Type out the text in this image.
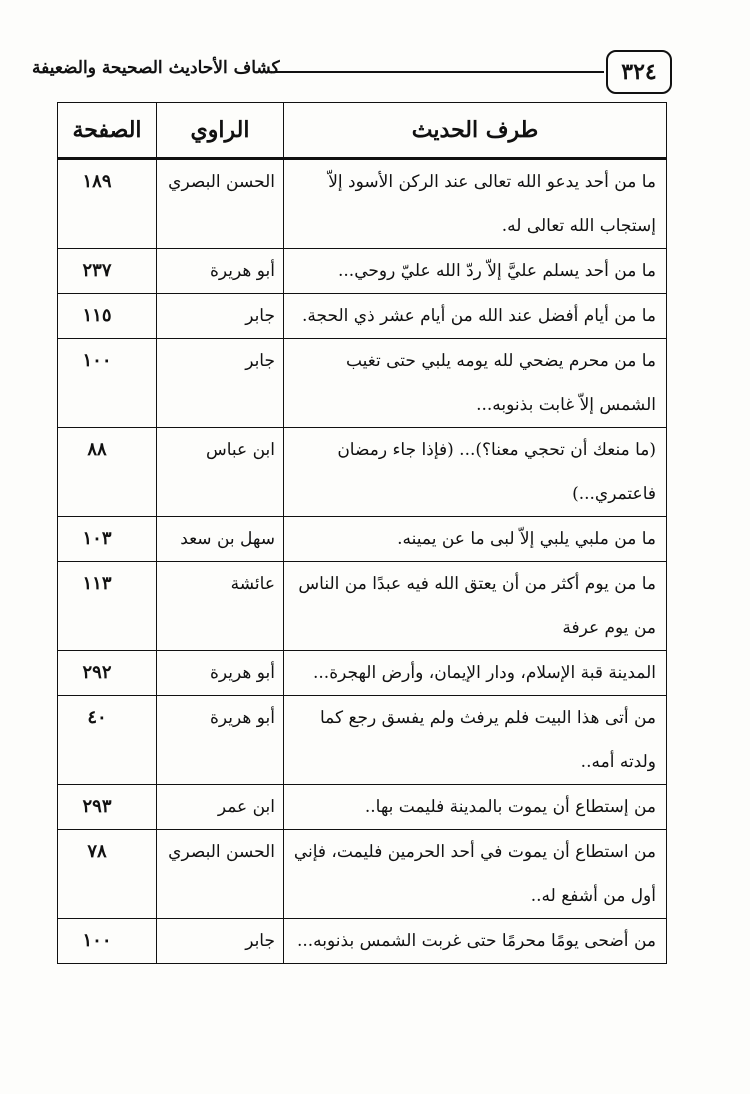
٣٢٤
كشاف الأحاديث الصحيحة والضعيفة
طرف الحديث	الراوي	الصفحة
ما من أحد يدعو الله تعالى عند الركن الأسود إلاّ إستجاب الله تعالى له.	الحسن البصري	١٨٩
ما من أحد يسلم عليَّ إلاّ ردّ الله عليّ روحي...	أبو هريرة	٢٣٧
ما من أيام أفضل عند الله من أيام عشر ذي الحجة.	جابر	١١٥
ما من محرم يضحي لله يومه يلبي حتى تغيب الشمس إلاّ غابت بذنوبه...	جابر	١٠٠
(ما منعك أن تحجي معنا؟)... (فإذا جاء رمضان فاعتمري...)	ابن عباس	٨٨
ما من ملبي يلبي إلاّ لبى ما عن يمينه.	سهل بن سعد	١٠٣
ما من يوم أكثر من أن يعتق الله فيه عبدًا من الناس من يوم عرفة	عائشة	١١٣
المدينة قبة الإسلام، ودار الإيمان، وأرض الهجرة...	أبو هريرة	٢٩٢
من أتى هذا البيت فلم يرفث ولم يفسق رجع كما ولدته أمه..	أبو هريرة	٤٠
من إستطاع أن يموت بالمدينة فليمت بها..	ابن عمر	٢٩٣
من استطاع أن يموت في أحد الحرمين فليمت، فإني أول من أشفع له..	الحسن البصري	٧٨
من أضحى يومًا محرمًا حتى غربت الشمس بذنوبه...	جابر	١٠٠
